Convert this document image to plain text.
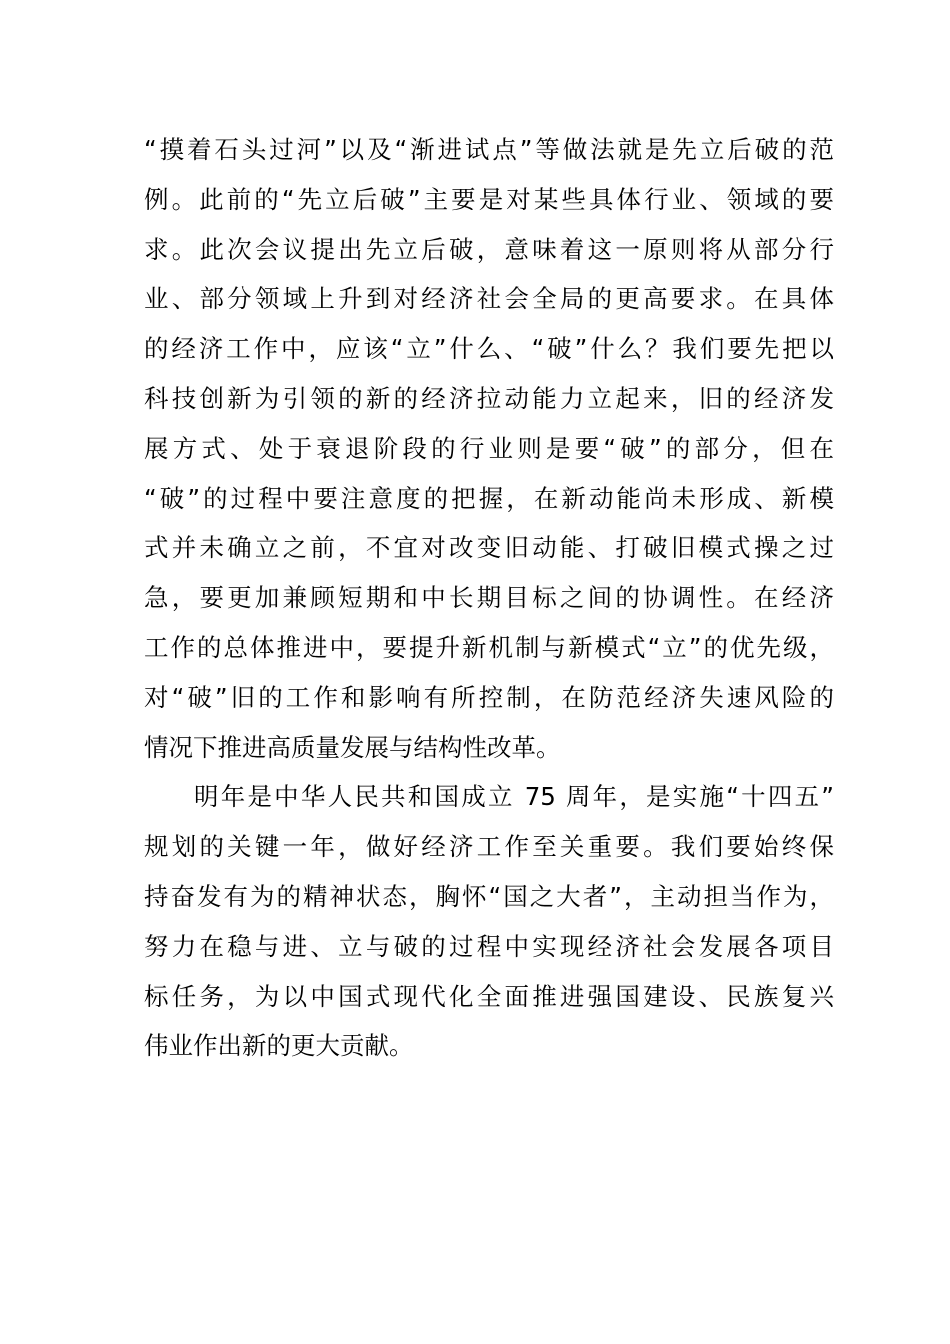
“摸着石头过河”以及“渐进试点”等做法就是先立后破的范
例。此前的“先立后破”主要是对某些具体行业、领域的要
求。此次会议提出先立后破，意味着这一原则将从部分行
业、部分领域上升到对经济社会全局的更高要求。在具体
的经济工作中，应该“立”什么、“破”什么？我们要先把以
科技创新为引领的新的经济拉动能力立起来，旧的经济发
展方式、处于衰退阶段的行业则是要“破”的部分，但在
“破”的过程中要注意度的把握，在新动能尚未形成、新模
式并未确立之前，不宜对改变旧动能、打破旧模式操之过
急，要更加兼顾短期和中长期目标之间的协调性。在经济
工作的总体推进中，要提升新机制与新模式“立”的优先级，
对“破”旧的工作和影响有所控制，在防范经济失速风险的
情况下推进高质量发展与结构性改革。
明年是中华人民共和国成立 75 周年，是实施“十四五”
规划的关键一年，做好经济工作至关重要。我们要始终保
持奋发有为的精神状态，胸怀“国之大者”，主动担当作为，
努力在稳与进、立与破的过程中实现经济社会发展各项目
标任务，为以中国式现代化全面推进强国建设、民族复兴
伟业作出新的更大贡献。
